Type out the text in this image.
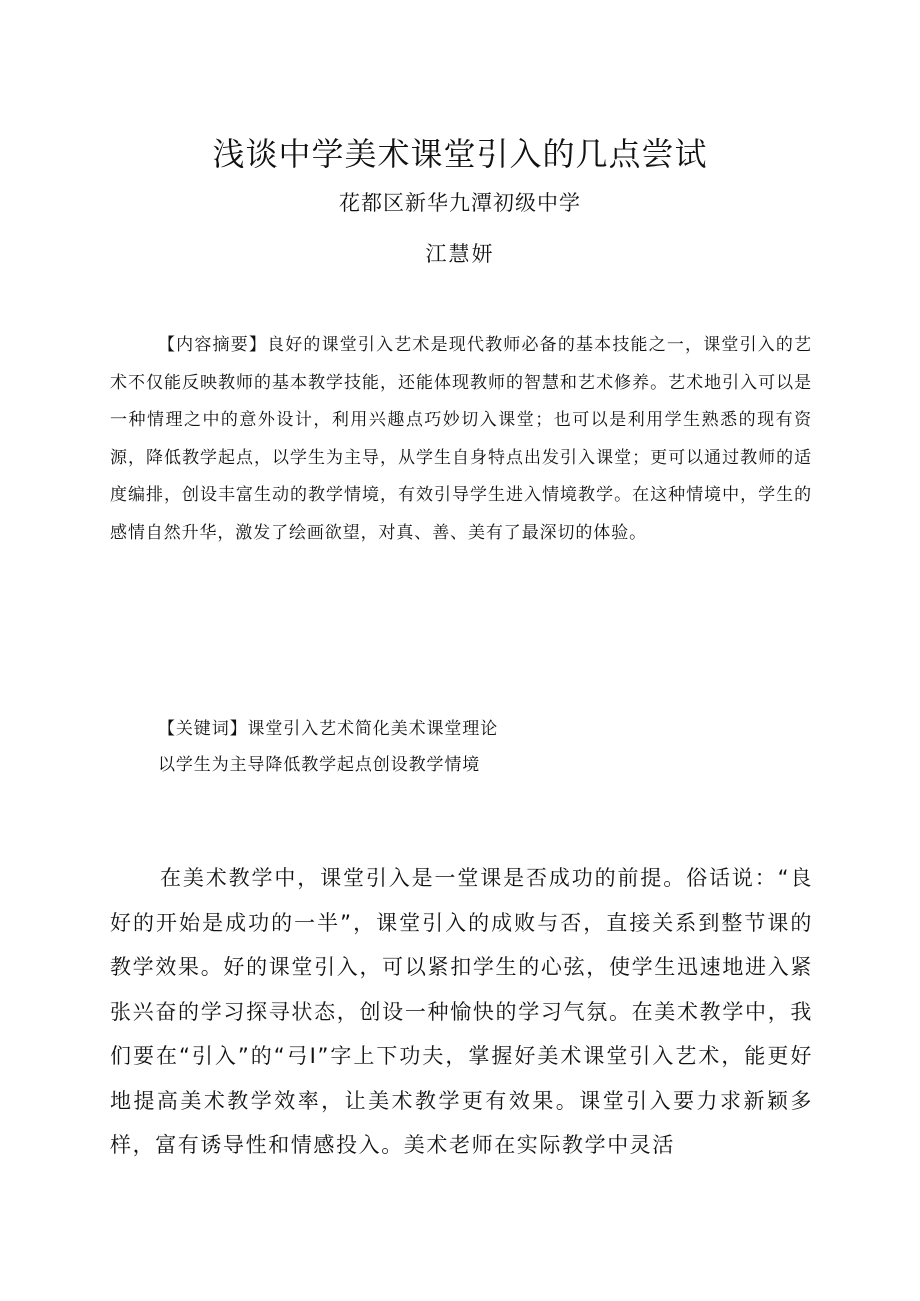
浅谈中学美术课堂引入的几点尝试
花都区新华九潭初级中学
江慧妍

【内容摘要】良好的课堂引入艺术是现代教师必备的基本技能之一，课堂引入的艺术不仅能反映教师的基本教学技能，还能体现教师的智慧和艺术修养。艺术地引入可以是一种情理之中的意外设计，利用兴趣点巧妙切入课堂；也可以是利用学生熟悉的现有资源，降低教学起点，以学生为主导，从学生自身特点出发引入课堂；更可以通过教师的适度编排，创设丰富生动的教学情境，有效引导学生进入情境教学。在这种情境中，学生的感情自然升华，激发了绘画欲望，对真、善、美有了最深切的体验。

【关键词】课堂引入艺术简化美术课堂理论
以学生为主导降低教学起点创设教学情境

在美术教学中，课堂引入是一堂课是否成功的前提。俗话说：“良好的开始是成功的一半”，课堂引入的成败与否，直接关系到整节课的教学效果。好的课堂引入，可以紧扣学生的心弦，使学生迅速地进入紧张兴奋的学习探寻状态，创设一种愉快的学习气氛。在美术教学中，我们要在“引入”的“弓I”字上下功夫，掌握好美术课堂引入艺术，能更好地提高美术教学效率，让美术教学更有效果。课堂引入要力求新颖多样，富有诱导性和情感投入。美术老师在实际教学中灵活
